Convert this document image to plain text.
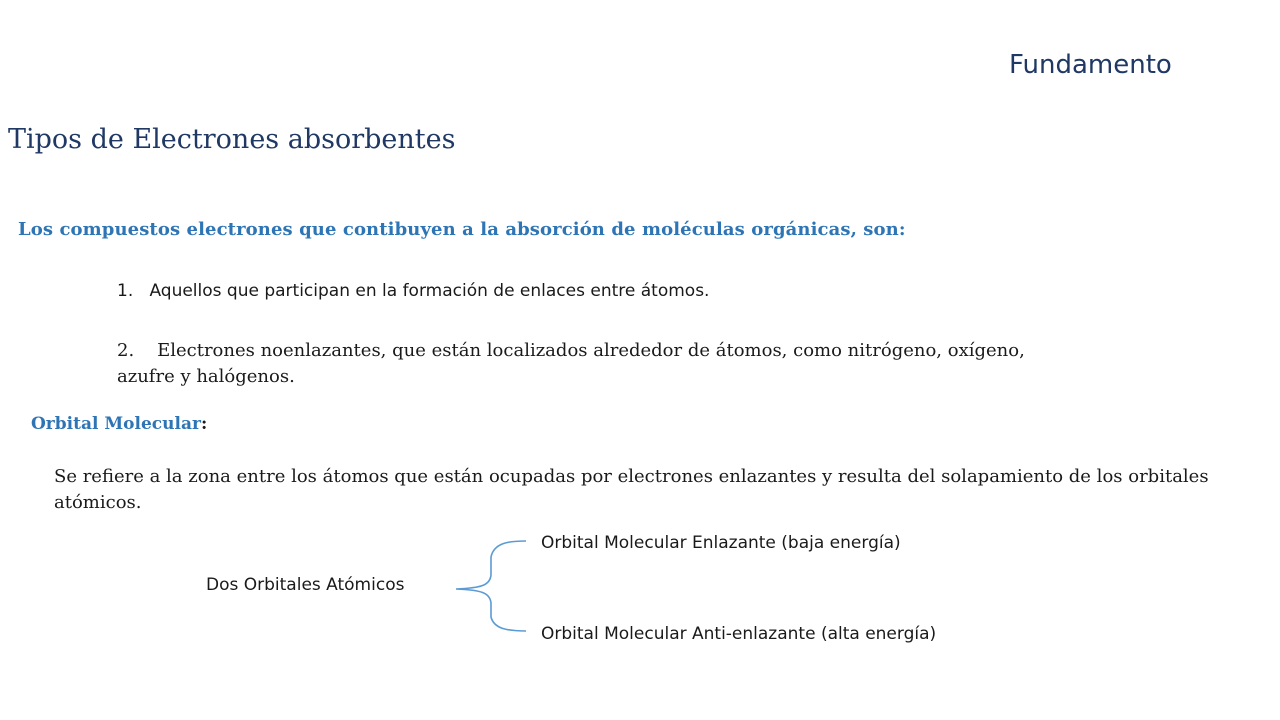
Fundamento
Tipos de Electrones absorbentes
Los compuestos electrones que contibuyen a la absorción de moléculas orgánicas, son:
1. Aquellos que participan en la formación de enlaces entre átomos.
2. Electrones noenlazantes, que están localizados alrededor de átomos, como nitrógeno, oxígeno, azufre y halógenos.
Orbital Molecular:
Se refiere a la zona entre los átomos que están ocupadas por electrones enlazantes y resulta del solapamiento de los orbitales atómicos.
Dos Orbitales Atómicos
Orbital Molecular Enlazante (baja energía)
Orbital Molecular Anti-enlazante (alta energía)
